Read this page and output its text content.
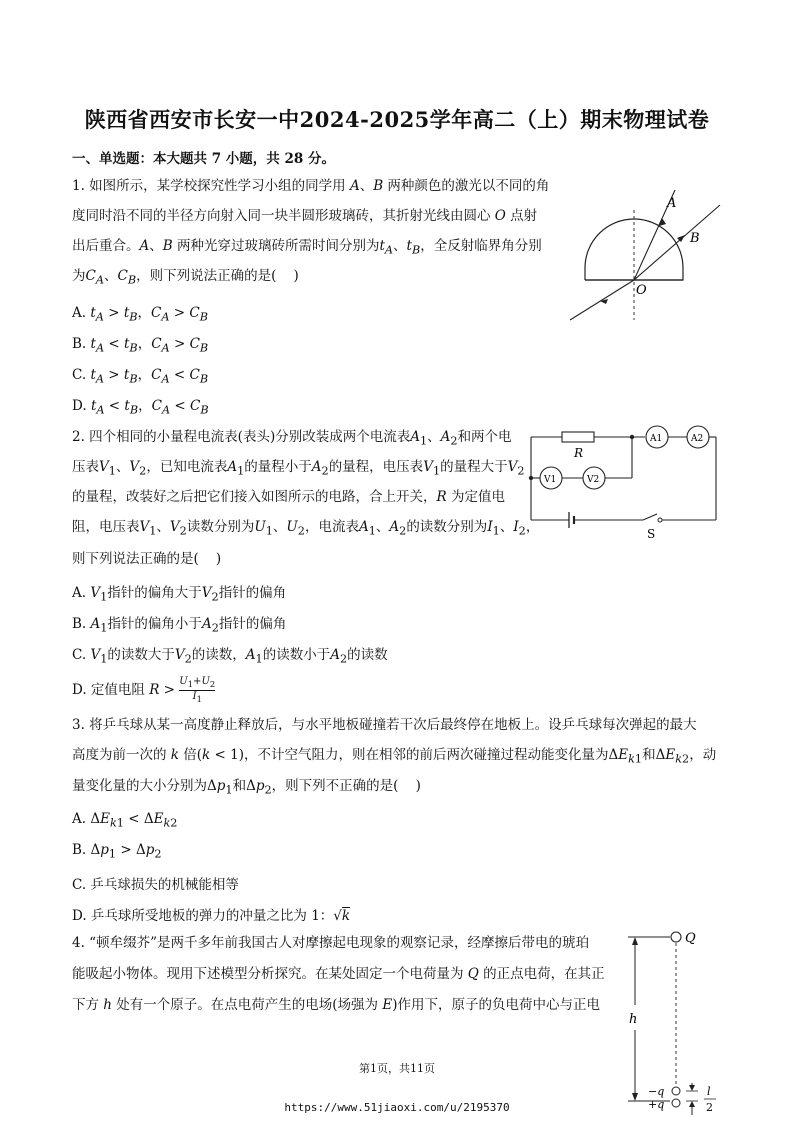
陕西省西安市长安一中2024-2025学年高二（上）期末物理试卷
一、单选题：本大题共 7 小题，共 28 分。
1. 如图所示，某学校探究性学习小组的同学用 A、B 两种颜色的激光以不同的角
度同时沿不同的半径方向射入同一块半圆形玻璃砖，其折射光线由圆心 O 点射
出后重合。A、B 两种光穿过玻璃砖所需时间分别为$t_A$、$t_B$，全反射临界角分别
为$C_A$、$C_B$，则下列说法正确的是(    )
A. $t_A > t_B$，$C_A > C_B$
B. $t_A < t_B$，$C_A > C_B$
C. $t_A > t_B$，$C_A < C_B$
D. $t_A < t_B$，$C_A < C_B$
A
B
O
2. 四个相同的小量程电流表(表头)分别改装成两个电流表$A_1$、$A_2$和两个电
压表$V_1$、$V_2$，已知电流表$A_1$的量程小于$A_2$的量程，电压表$V_1$的量程大于$V_2$
的量程，改装好之后把它们接入如图所示的电路，合上开关，R 为定值电
阻，电压表$V_1$、$V_2$读数分别为$U_1$、$U_2$，电流表$A_1$、$A_2$的读数分别为$I_1$、$I_2$，
则下列说法正确的是(    )
A. $V_1$指针的偏角大于$V_2$指针的偏角
B. $A_1$指针的偏角小于$A_2$指针的偏角
C. $V_1$的读数大于$V_2$的读数，$A_1$的读数小于$A_2$的读数
D. 定值电阻 $R > \frac{U_1+U_2}{I_1}$
R
A1	A2
V1	V2
S
3. 将乒乓球从某一高度静止释放后，与水平地板碰撞若干次后最终停在地板上。设乒乓球每次弹起的最大
高度为前一次的 k 倍(k < 1)，不计空气阻力，则在相邻的前后两次碰撞过程动能变化量为$\Delta E_{k1}$和$\Delta E_{k2}$，动
量变化量的大小分别为$\Delta p_1$和$\Delta p_2$，则下列不正确的是(    )
A. $\Delta E_{k1} < \Delta E_{k2}$
B. $\Delta p_1 > \Delta p_2$
C. 乒乓球损失的机械能相等
D. 乒乓球所受地板的弹力的冲量之比为 1：√k
4. “顿牟缀芥”是两千多年前我国古人对摩擦起电现象的观察记录，经摩擦后带电的琥珀
能吸起小物体。现用下述模型分析探究。在某处固定一个电荷量为 Q 的正点电荷，在其正
下方 h 处有一个原子。在点电荷产生的电场(场强为 E)作用下，原子的负电荷中心与正电
h
Q
−q
+q
l
2
第1页，共11页
https://www.51jiaoxi.com/u/2195370
